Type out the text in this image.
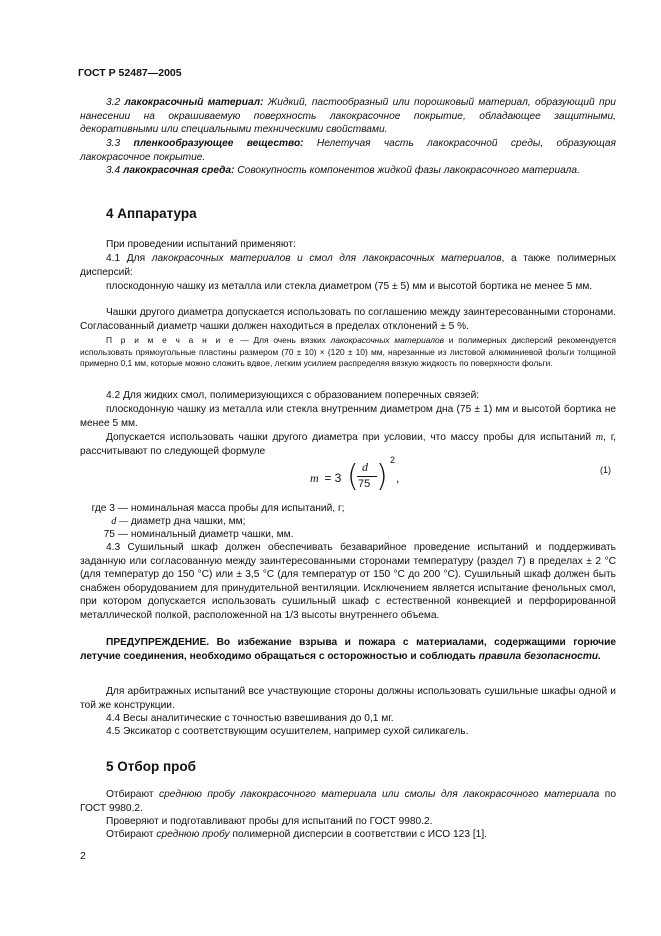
ГОСТ Р 52487—2005
3.2 лакокрасочный материал: Жидкий, пастообразный или порошковый материал, образующий при нанесении на окрашиваемую поверхность лакокрасочное покрытие, обладающее защитными, декоративными или специальными техническими свойствами.
3.3 пленкообразующее вещество: Нелетучая часть лакокрасочной среды, образующая лакокрасочное покрытие.
3.4 лакокрасочная среда: Совокупность компонентов жидкой фазы лакокрасочного материала.
4 Аппаратура
При проведении испытаний применяют:
4.1 Для лакокрасочных материалов и смол для лакокрасочных материалов, а также полимерных дисперсий:
плоскодонную чашку из металла или стекла диаметром (75 ± 5) мм и высотой бортика не менее 5 мм.
Чашки другого диаметра допускается использовать по соглашению между заинтересованными сторонами. Согласованный диаметр чашки должен находиться в пределах отклонений ± 5 %.
П р и м е ч а н и е — Для очень вязких лакокрасочных материалов и полимерных дисперсий рекомендуется использовать прямоугольные пластины размером (70 ± 10) × (120 ± 10) мм, нарезанные из листовой алюминиевой фольги толщиной примерно 0,1 мм, которые можно сложить вдвое, легким усилием распределяя вязкую жидкость по поверхности фольги.
4.2 Для жидких смол, полимеризующихся с образованием поперечных связей:
плоскодонную чашку из металла или стекла внутренним диаметром дна (75 ± 1) мм и высотой бортика не менее 5 мм.
Допускается использовать чашки другого диаметра при условии, что массу пробы для испытаний m, г, рассчитывают по следующей формуле
m = 3 ( d
75 ) 2
,
(1)
где 3 — номинальная масса пробы для испытаний, г;
d — диаметр дна чашки, мм;
75 — номинальный диаметр чашки, мм.
4.3 Сушильный шкаф должен обеспечивать безаварийное проведение испытаний и поддерживать заданную или согласованную между заинтересованными сторонами температуру (раздел 7) в пределах ± 2 °С (для температур до 150 °С) или ± 3,5 °С (для температур от 150 °С до 200 °С). Сушильный шкаф должен быть снабжен оборудованием для принудительной вентиляции. Исключением является испытание фенольных смол, при котором допускается использовать сушильный шкаф с естественной конвекцией и перфорированной металлической полкой, расположенной на 1/3 высоты внутреннего объема.
ПРЕДУПРЕЖДЕНИЕ. Во избежание взрыва и пожара с материалами, содержащими горючие летучие соединения, необходимо обращаться с осторожностью и соблюдать правила безопасности.
Для арбитражных испытаний все участвующие стороны должны использовать сушильные шкафы одной и той же конструкции.
4.4 Весы аналитические с точностью взвешивания до 0,1 мг.
4.5 Эксикатор с соответствующим осушителем, например сухой силикагель.
5 Отбор проб
Отбирают среднюю пробу лакокрасочного материала или смолы для лакокрасочного материала по ГОСТ 9980.2.
Проверяют и подготавливают пробы для испытаний по ГОСТ 9980.2.
Отбирают среднюю пробу полимерной дисперсии в соответствии с ИСО 123 [1].
2
